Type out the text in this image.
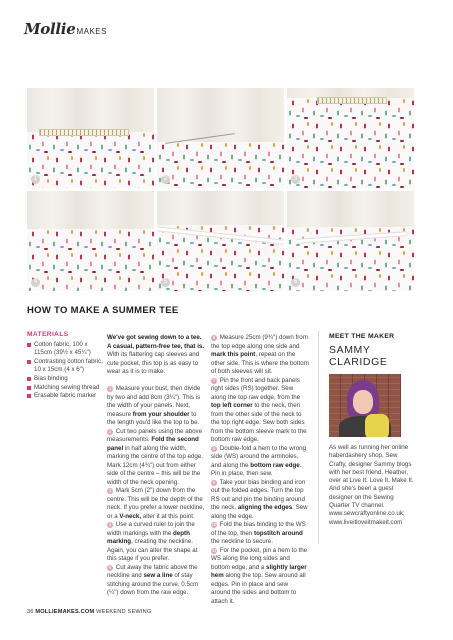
Mollie MAKES
1	2	3
4	5	6
HOW TO MAKE A SUMMER TEE
MATERIALS
Cotton fabric, 100 x 115cm (39½ x 45¼")
Contrasting cotton fabric, 10 x 15cm (4 x 6")
Bias binding
Matching sewing thread
Erasable fabric marker

We've got sewing down to a tee. A casual, pattern-free tee, that is. With its flattering cap sleeves and cute pocket, this top is as easy to wear as it is to make.

1 Measure your bust, then divide by two and add 8cm (3¼"). This is the width of your panels. Next, measure from your shoulder to the length you'd like the top to be.

2 Cut two panels using the above measurements. Fold the second panel in half along the width, marking the centre of the top edge. Mark 12cm (4¾") out from either side of the centre – this will be the width of the neck opening.

3 Mark 5cm (2") down from the centre. This will be the depth of the neck. If you prefer a lower neckline, or a V-neck, alter it at this point.

4 Use a curved ruler to join the width markings with the depth marking, creating the neckline. Again, you can alter the shape at this stage if you prefer.

5 Cut away the fabric above the neckline and sew a line of stay stitching around the curve, 0.5cm (¼") down from the raw edge.

6 Measure 25cm (9¾") down from the top edge along one side and mark this point, repeat on the other side. This is where the bottom of both sleeves will sit.

7 Pin the front and back panels right sides (RS) together. Sew along the top raw edge, from the top left corner to the neck, then from the other side of the neck to the top right edge. Sew both sides from the bottom sleeve mark to the bottom raw edge.

8 Double-fold a hem to the wrong side (WS) around the armholes, and along the bottom raw edge. Pin in place, then sew.

9 Take your bias binding and iron out the folded edges. Turn the top RS out and pin the binding around the neck, aligning the edges. Sew along the edge.

10 Fold the bias binding to the WS of the top, then topstitch around the neckline to secure.

11 For the pocket, pin a hem to the WS along the long sides and bottom edge, and a slightly larger hem along the top. Sew around all edges. Pin in place and sew around the sides and bottom to attach it.

MEET THE MAKER
SAMMY CLARIDGE
As well as running her online haberdashery shop, Sew Crafty, designer Sammy blogs with her best friend, Heather, over at Live It. Love It. Make It. And she's been a guest designer on the Sewing Quarter TV channel. www.sewcraftyonline.co.uk; www.liveitloveitmakeit.com
36 MOLLIEMAKES.COM WEEKEND SEWING
